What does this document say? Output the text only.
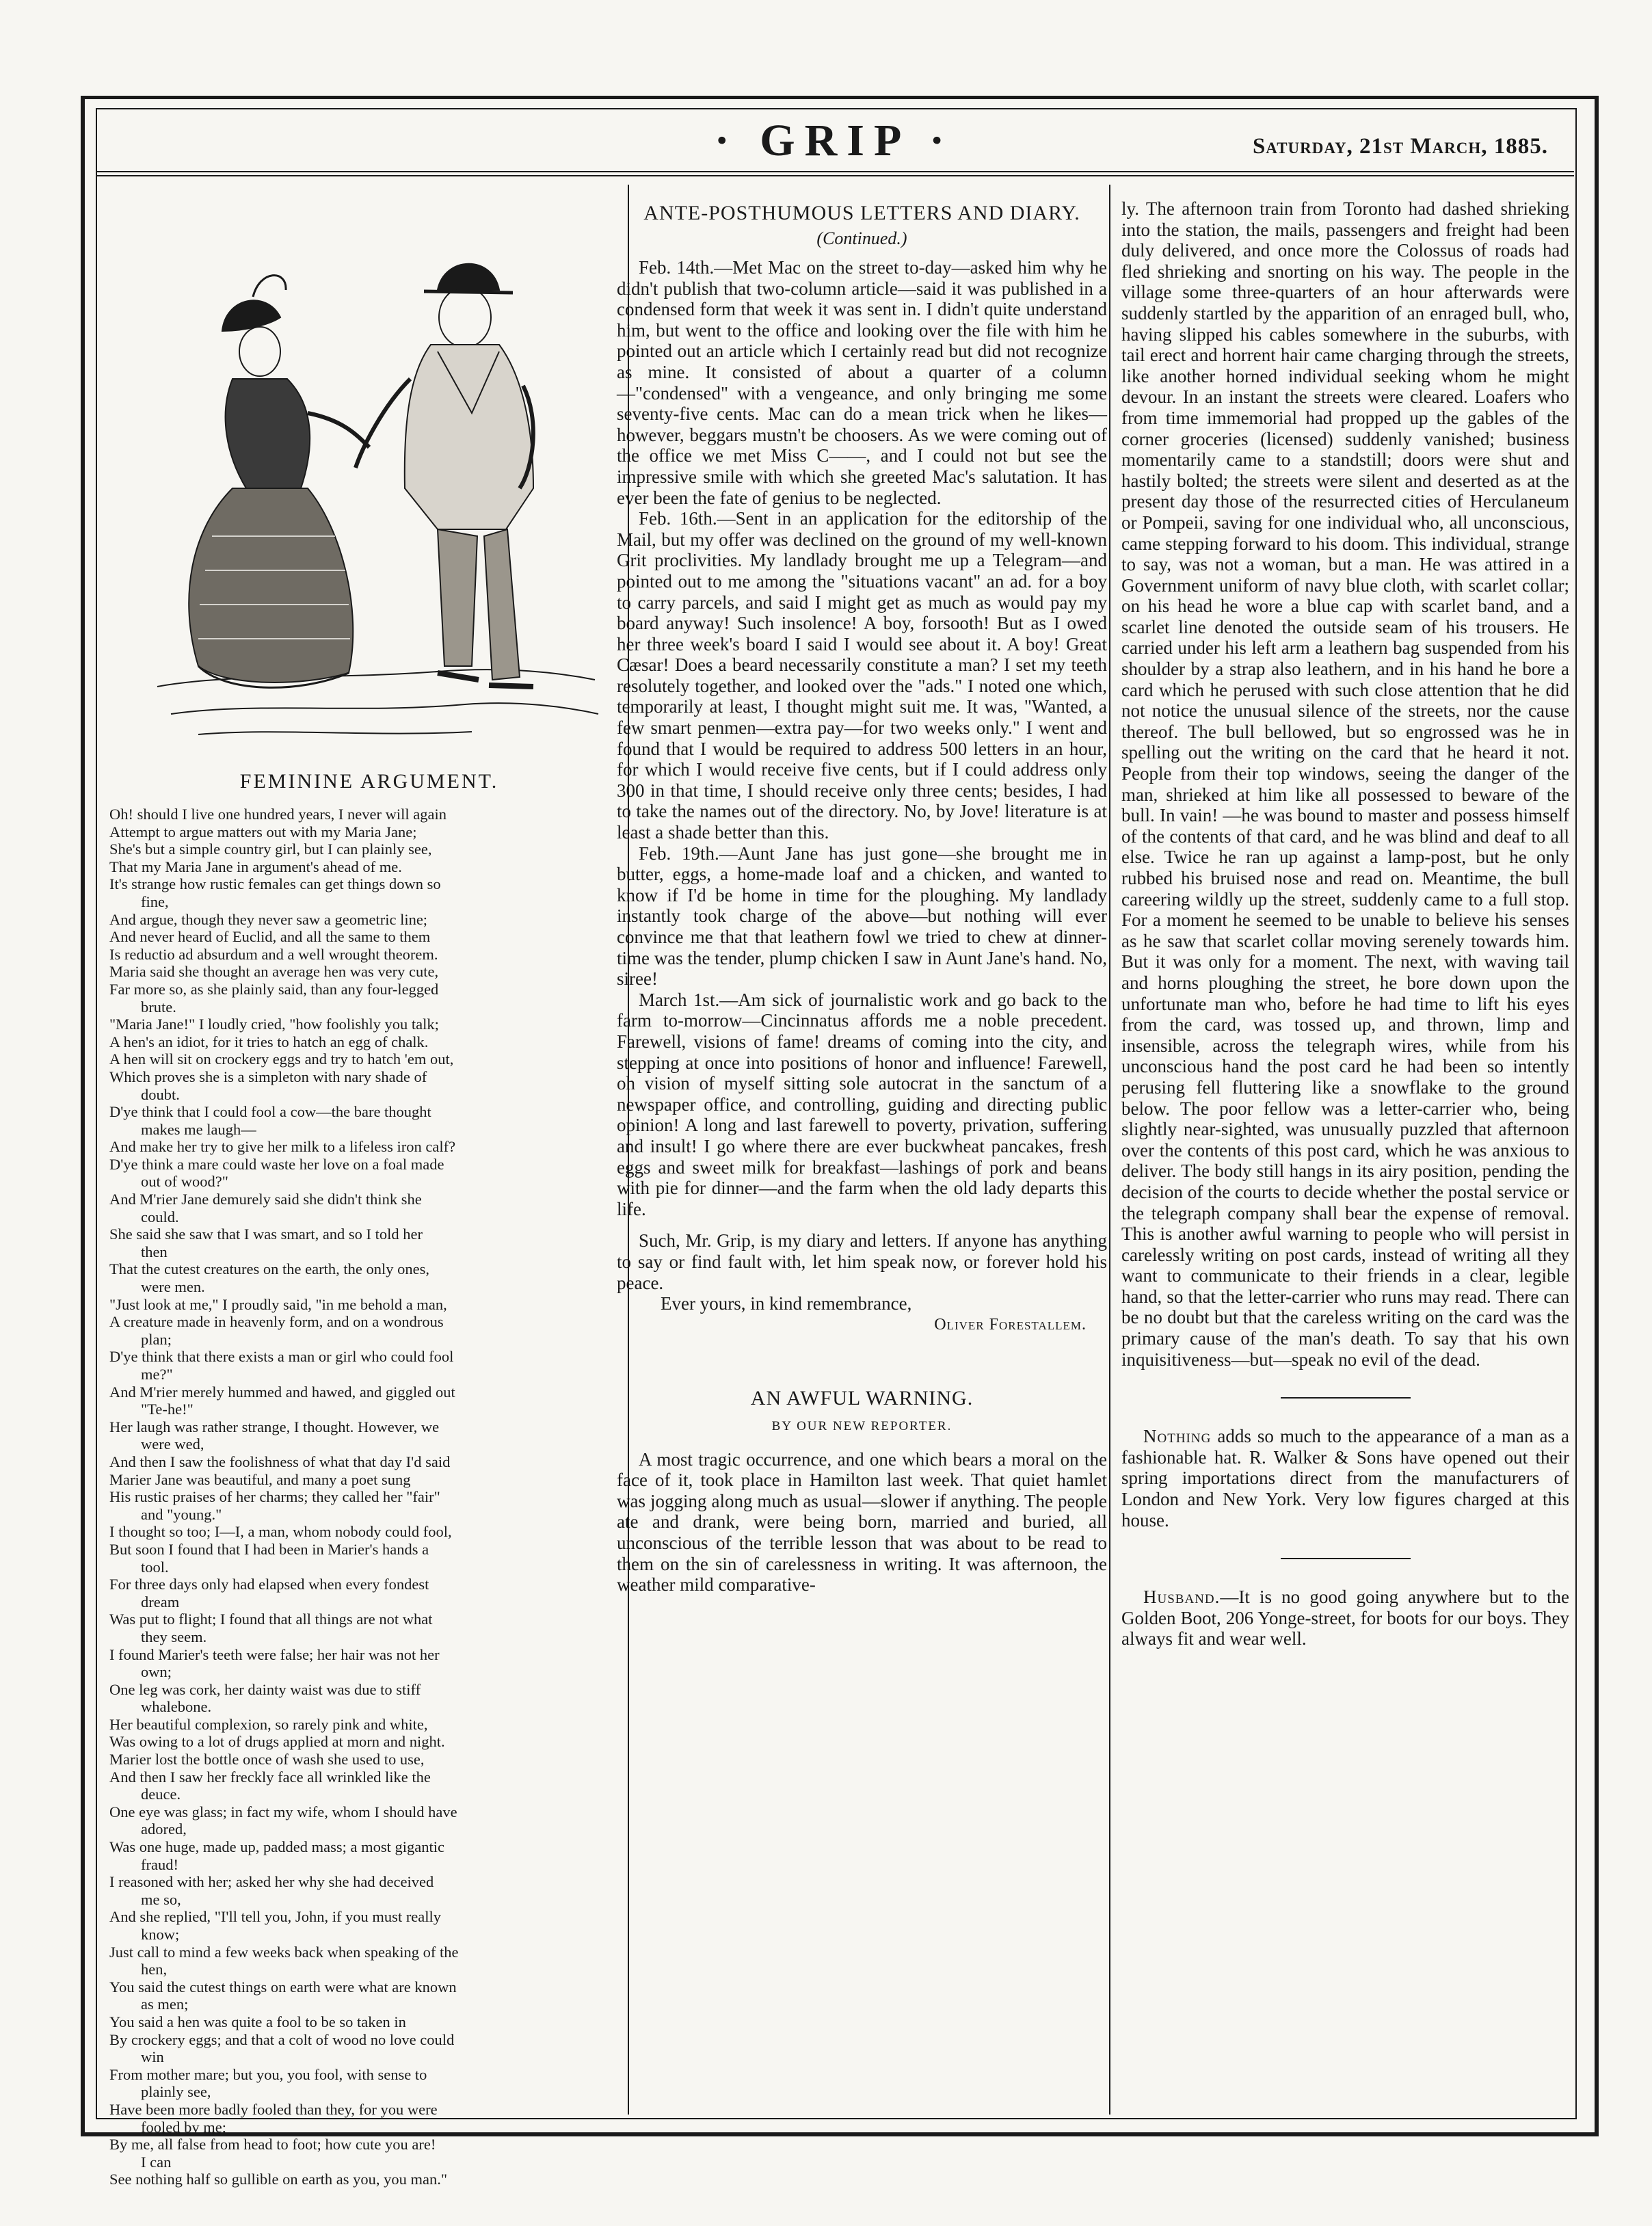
· GRIP ·	Saturday, 21st March, 1885.
FEMININE ARGUMENT.
Oh! should I live one hundred years, I never will again
Attempt to argue matters out with my Maria Jane;
She's but a simple country girl, but I can plainly see,
That my Maria Jane in argument's ahead of me.
It's strange how rustic females can get things down so
fine,
And argue, though they never saw a geometric line;
And never heard of Euclid, and all the same to them
Is reductio ad absurdum and a well wrought theorem.
Maria said she thought an average hen was very cute,
Far more so, as she plainly said, than any four-legged
brute.
"Maria Jane!" I loudly cried, "how foolishly you talk;
A hen's an idiot, for it tries to hatch an egg of chalk.
A hen will sit on crockery eggs and try to hatch 'em out,
Which proves she is a simpleton with nary shade of
doubt.
D'ye think that I could fool a cow—the bare thought
makes me laugh—
And make her try to give her milk to a lifeless iron calf?
D'ye think a mare could waste her love on a foal made
out of wood?"
And M'rier Jane demurely said she didn't think she
could.
She said she saw that I was smart, and so I told her
then
That the cutest creatures on the earth, the only ones,
were men.
"Just look at me," I proudly said, "in me behold a man,
A creature made in heavenly form, and on a wondrous
plan;
D'ye think that there exists a man or girl who could fool
me?"
And M'rier merely hummed and hawed, and giggled out
"Te-he!"
Her laugh was rather strange, I thought. However, we
were wed,
And then I saw the foolishness of what that day I'd said
Marier Jane was beautiful, and many a poet sung
His rustic praises of her charms; they called her "fair"
and "young."
I thought so too; I—I, a man, whom nobody could fool,
But soon I found that I had been in Marier's hands a
tool.
For three days only had elapsed when every fondest
dream
Was put to flight; I found that all things are not what
they seem.
I found Marier's teeth were false; her hair was not her
own;
One leg was cork, her dainty waist was due to stiff
whalebone.
Her beautiful complexion, so rarely pink and white,
Was owing to a lot of drugs applied at morn and night.
Marier lost the bottle once of wash she used to use,
And then I saw her freckly face all wrinkled like the
deuce.
One eye was glass; in fact my wife, whom I should have
adored,
Was one huge, made up, padded mass; a most gigantic
fraud!
I reasoned with her; asked her why she had deceived
me so,
And she replied, "I'll tell you, John, if you must really
know;
Just call to mind a few weeks back when speaking of the
hen,
You said the cutest things on earth were what are known
as men;
You said a hen was quite a fool to be so taken in
By crockery eggs; and that a colt of wood no love could
win
From mother mare; but you, you fool, with sense to
plainly see,
Have been more badly fooled than they, for you were
fooled by me;
By me, all false from head to foot; how cute you are!
I can
See nothing half so gullible on earth as you, you man."
ANTE-POSTHUMOUS LETTERS AND DIARY.
(Continued.)

Feb. 14th.—Met Mac on the street to-day—asked him why he didn't publish that two-column article—said it was published in a condensed form that week it was sent in. I didn't quite understand him, but went to the office and looking over the file with him he pointed out an article which I certainly read but did not recognize as mine. It consisted of about a quarter of a column—"condensed" with a vengeance, and only bringing me some seventy-five cents. Mac can do a mean trick when he likes—however, beggars mustn't be choosers. As we were coming out of the office we met Miss C——, and I could not but see the impressive smile with which she greeted Mac's salutation. It has ever been the fate of genius to be neglected.

Feb. 16th.—Sent in an application for the editorship of the Mail, but my offer was declined on the ground of my well-known Grit proclivities. My landlady brought me up a Telegram—and pointed out to me among the "situations vacant" an ad. for a boy to carry parcels, and said I might get as much as would pay my board anyway! Such insolence! A boy, forsooth! But as I owed her three week's board I said I would see about it. A boy! Great Cæsar! Does a beard necessarily constitute a man? I set my teeth resolutely together, and looked over the "ads." I noted one which, temporarily at least, I thought might suit me. It was, "Wanted, a few smart penmen—extra pay—for two weeks only." I went and found that I would be required to address 500 letters in an hour, for which I would receive five cents, but if I could address only 300 in that time, I should receive only three cents; besides, I had to take the names out of the directory. No, by Jove! literature is at least a shade better than this.

Feb. 19th.—Aunt Jane has just gone—she brought me in butter, eggs, a home-made loaf and a chicken, and wanted to know if I'd be home in time for the ploughing. My landlady instantly took charge of the above—but nothing will ever convince me that that leathern fowl we tried to chew at dinner-time was the tender, plump chicken I saw in Aunt Jane's hand. No, siree!

March 1st.—Am sick of journalistic work and go back to the farm to-morrow—Cincinnatus affords me a noble precedent. Farewell, visions of fame! dreams of coming into the city, and stepping at once into positions of honor and influence! Farewell, oh vision of myself sitting sole autocrat in the sanctum of a newspaper office, and controlling, guiding and directing public opinion! A long and last farewell to poverty, privation, suffering and insult! I go where there are ever buckwheat pancakes, fresh eggs and sweet milk for breakfast—lashings of pork and beans with pie for dinner—and the farm when the old lady departs this life.

Such, Mr. Grip, is my diary and letters. If anyone has anything to say or find fault with, let him speak now, or forever hold his peace.

Ever yours, in kind remembrance,

Oliver Forestallem.
AN AWFUL WARNING.
BY OUR NEW REPORTER.

A most tragic occurrence, and one which bears a moral on the face of it, took place in Hamilton last week. That quiet hamlet was jogging along much as usual—slower if anything. The people ate and drank, were being born, married and buried, all unconscious of the terrible lesson that was about to be read to them on the sin of carelessness in writing. It was afternoon, the weather mild comparative-

ly. The afternoon train from Toronto had dashed shrieking into the station, the mails, passengers and freight had been duly delivered, and once more the Colossus of roads had fled shrieking and snorting on his way. The people in the village some three-quarters of an hour afterwards were suddenly startled by the apparition of an enraged bull, who, having slipped his cables somewhere in the suburbs, with tail erect and horrent hair came charging through the streets, like another horned individual seeking whom he might devour. In an instant the streets were cleared. Loafers who from time immemorial had propped up the gables of the corner groceries (licensed) suddenly vanished; business momentarily came to a standstill; doors were shut and hastily bolted; the streets were silent and deserted as at the present day those of the resurrected cities of Herculaneum or Pompeii, saving for one individual who, all unconscious, came stepping forward to his doom. This individual, strange to say, was not a woman, but a man. He was attired in a Government uniform of navy blue cloth, with scarlet collar; on his head he wore a blue cap with scarlet band, and a scarlet line denoted the outside seam of his trousers. He carried under his left arm a leathern bag suspended from his shoulder by a strap also leathern, and in his hand he bore a card which he perused with such close attention that he did not notice the unusual silence of the streets, nor the cause thereof. The bull bellowed, but so engrossed was he in spelling out the writing on the card that he heard it not. People from their top windows, seeing the danger of the man, shrieked at him like all possessed to beware of the bull. In vain! —he was bound to master and possess himself of the contents of that card, and he was blind and deaf to all else. Twice he ran up against a lamp-post, but he only rubbed his bruised nose and read on. Meantime, the bull careering wildly up the street, suddenly came to a full stop. For a moment he seemed to be unable to believe his senses as he saw that scarlet collar moving serenely towards him. But it was only for a moment. The next, with waving tail and horns ploughing the street, he bore down upon the unfortunate man who, before he had time to lift his eyes from the card, was tossed up, and thrown, limp and insensible, across the telegraph wires, while from his unconscious hand the post card he had been so intently perusing fell fluttering like a snowflake to the ground below. The poor fellow was a letter-carrier who, being slightly near-sighted, was unusually puzzled that afternoon over the contents of this post card, which he was anxious to deliver. The body still hangs in its airy position, pending the decision of the courts to decide whether the postal service or the telegraph company shall bear the expense of removal. This is another awful warning to people who will persist in carelessly writing on post cards, instead of writing all they want to communicate to their friends in a clear, legible hand, so that the letter-carrier who runs may read. There can be no doubt but that the careless writing on the card was the primary cause of the man's death. To say that his own inquisitiveness—but—speak no evil of the dead.

Nothing adds so much to the appearance of a man as a fashionable hat. R. Walker & Sons have opened out their spring importations direct from the manufacturers of London and New York. Very low figures charged at this house.

Husband.—It is no good going anywhere but to the Golden Boot, 206 Yonge-street, for boots for our boys. They always fit and wear well.
